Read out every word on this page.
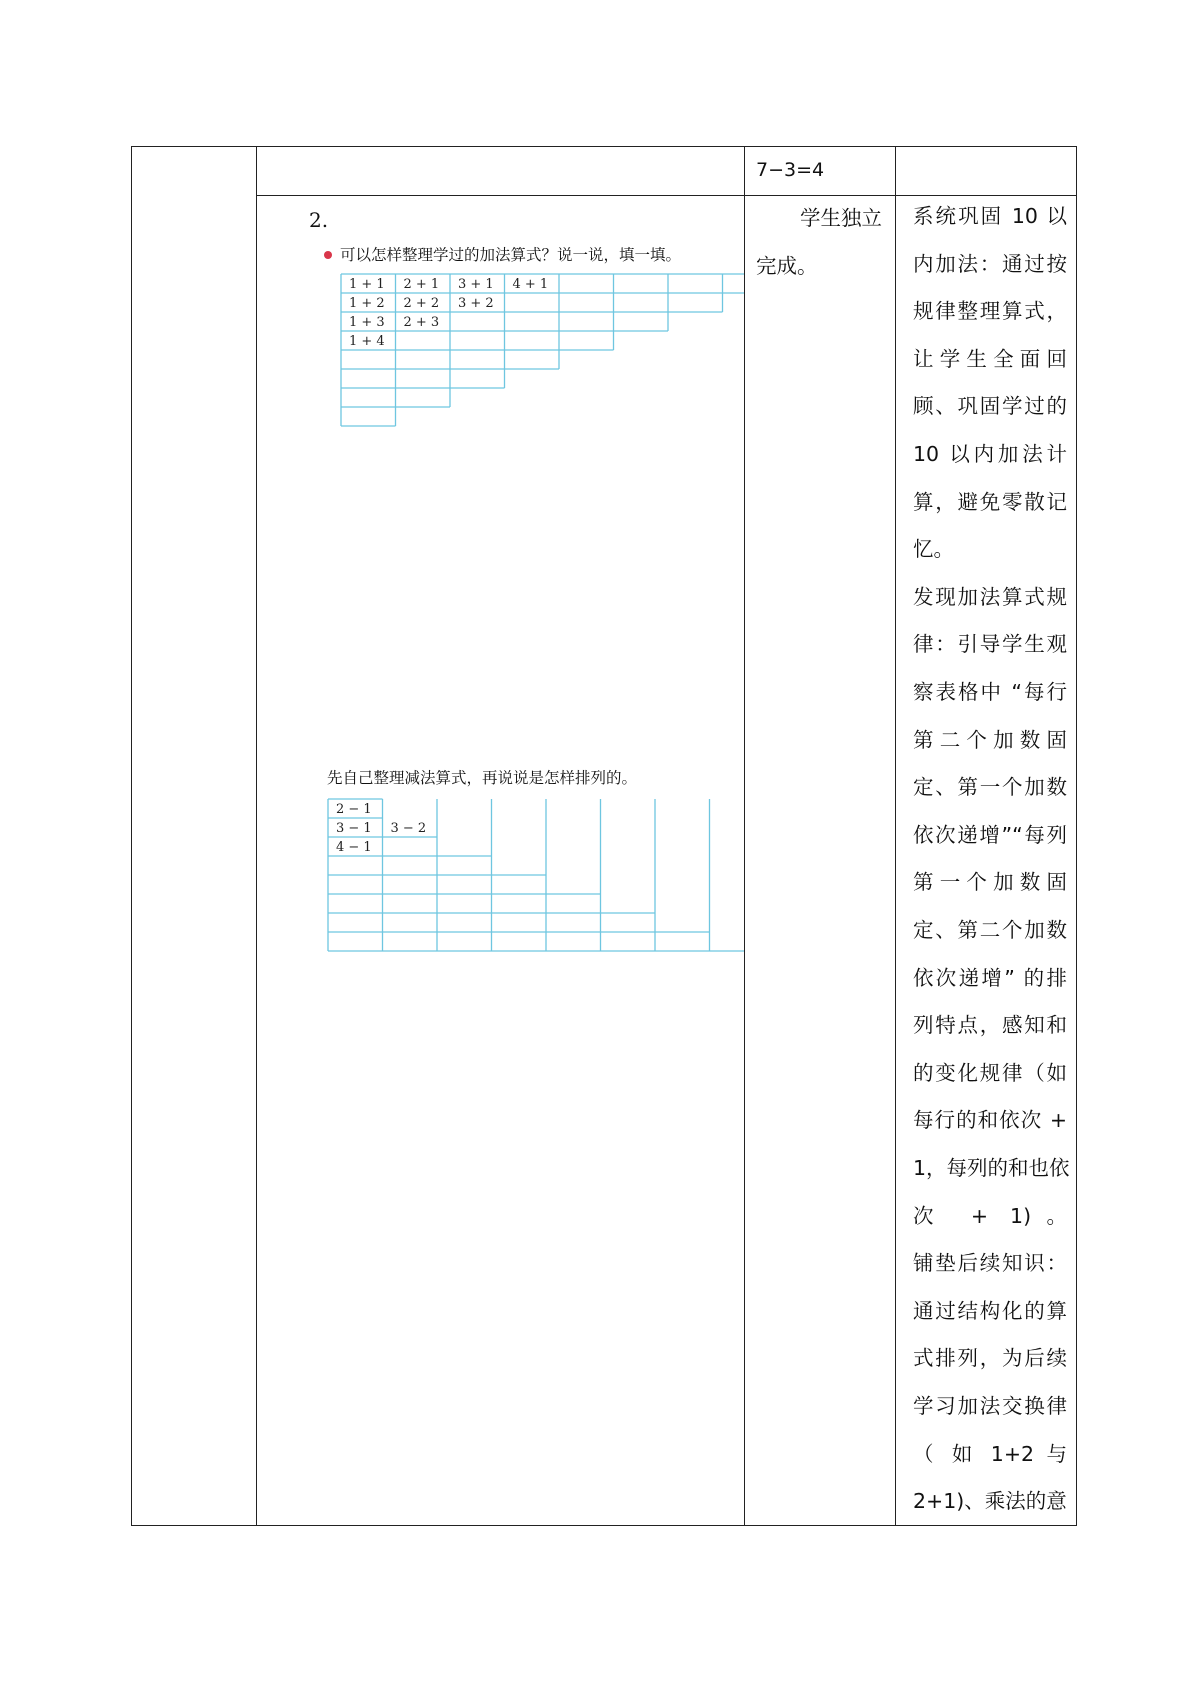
7−3=4
2.
可以怎样整理学过的加法算式？说一说，填一填。
1 + 1 2 + 1 3 + 1 4 + 1
1 + 2 2 + 2 3 + 2
1 + 3 2 + 3
1 + 4
2 − 1
3 − 1 3 − 2
4 − 1
先自己整理减法算式，再说说是怎样排列的。
学生独立
完成。
系统巩固 10 以
内加法：通过按
规律整理算式，
让学生全面回
顾、巩固学过的
10 以内加法计
算，避免零散记
忆。
发现加法算式规
律：引导学生观
察表格中 “每行
第二个加数固
定、第一个加数
依次递增”“每列
第一个加数固
定、第二个加数
依次递增” 的排
列特点，感知和
的变化规律（如
每行的和依次 +
1，每列的和也依
次 + 1)。
铺垫后续知识：
通过结构化的算
式排列，为后续
学习加法交换律
（ 如 1+2 与
2+1)、乘法的意
